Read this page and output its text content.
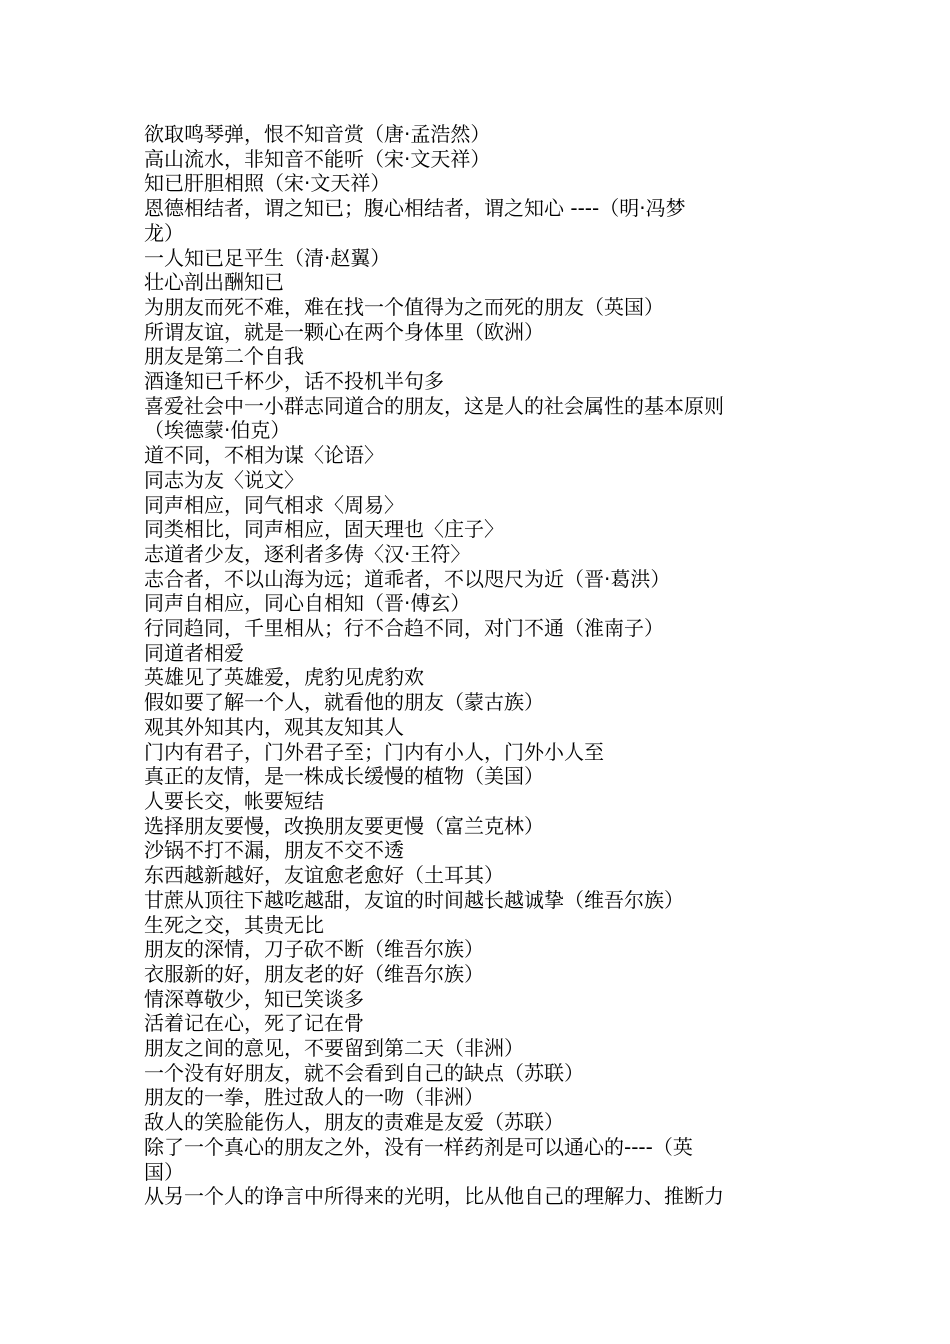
欲取鸣琴弹，恨不知音赏（唐·孟浩然）

高山流水，非知音不能听（宋·文天祥）

知已肝胆相照（宋·文天祥）

恩德相结者，谓之知已；腹心相结者，谓之知心 ----（明·冯梦

龙）

一人知已足平生（清·赵翼）

壮心剖出酬知已

为朋友而死不难，难在找一个值得为之而死的朋友（英国）

所谓友谊，就是一颗心在两个身体里（欧洲）

朋友是第二个自我

酒逢知已千杯少，话不投机半句多

喜爱社会中一小群志同道合的朋友，这是人的社会属性的基本原则

（埃德蒙·伯克）

道不同，不相为谋〈论语〉

同志为友〈说文〉

同声相应，同气相求〈周易〉

同类相比，同声相应，固天理也〈庄子〉

志道者少友，逐利者多俦〈汉·王符〉

志合者，不以山海为远；道乖者，不以咫尺为近（晋·葛洪）

同声自相应，同心自相知（晋·傅玄）

行同趋同，千里相从；行不合趋不同，对门不通（淮南子）

同道者相爱

英雄见了英雄爱，虎豹见虎豹欢

假如要了解一个人，就看他的朋友（蒙古族）

观其外知其内，观其友知其人

门内有君子，门外君子至；门内有小人，门外小人至

真正的友情，是一株成长缓慢的植物（美国）

人要长交，帐要短结

选择朋友要慢，改换朋友要更慢（富兰克林）

沙锅不打不漏，朋友不交不透

东西越新越好，友谊愈老愈好（土耳其）

甘蔗从顶往下越吃越甜，友谊的时间越长越诚挚（维吾尔族）

生死之交，其贵无比

朋友的深情，刀子砍不断（维吾尔族）

衣服新的好，朋友老的好（维吾尔族）

情深尊敬少，知已笑谈多

活着记在心，死了记在骨

朋友之间的意见，不要留到第二天（非洲）

一个没有好朋友，就不会看到自己的缺点（苏联）

朋友的一拳，胜过敌人的一吻（非洲）

敌人的笑脸能伤人，朋友的责难是友爱（苏联）

除了一个真心的朋友之外，没有一样药剂是可以通心的----（英

国）

从另一个人的诤言中所得来的光明，比从他自己的理解力、推断力
